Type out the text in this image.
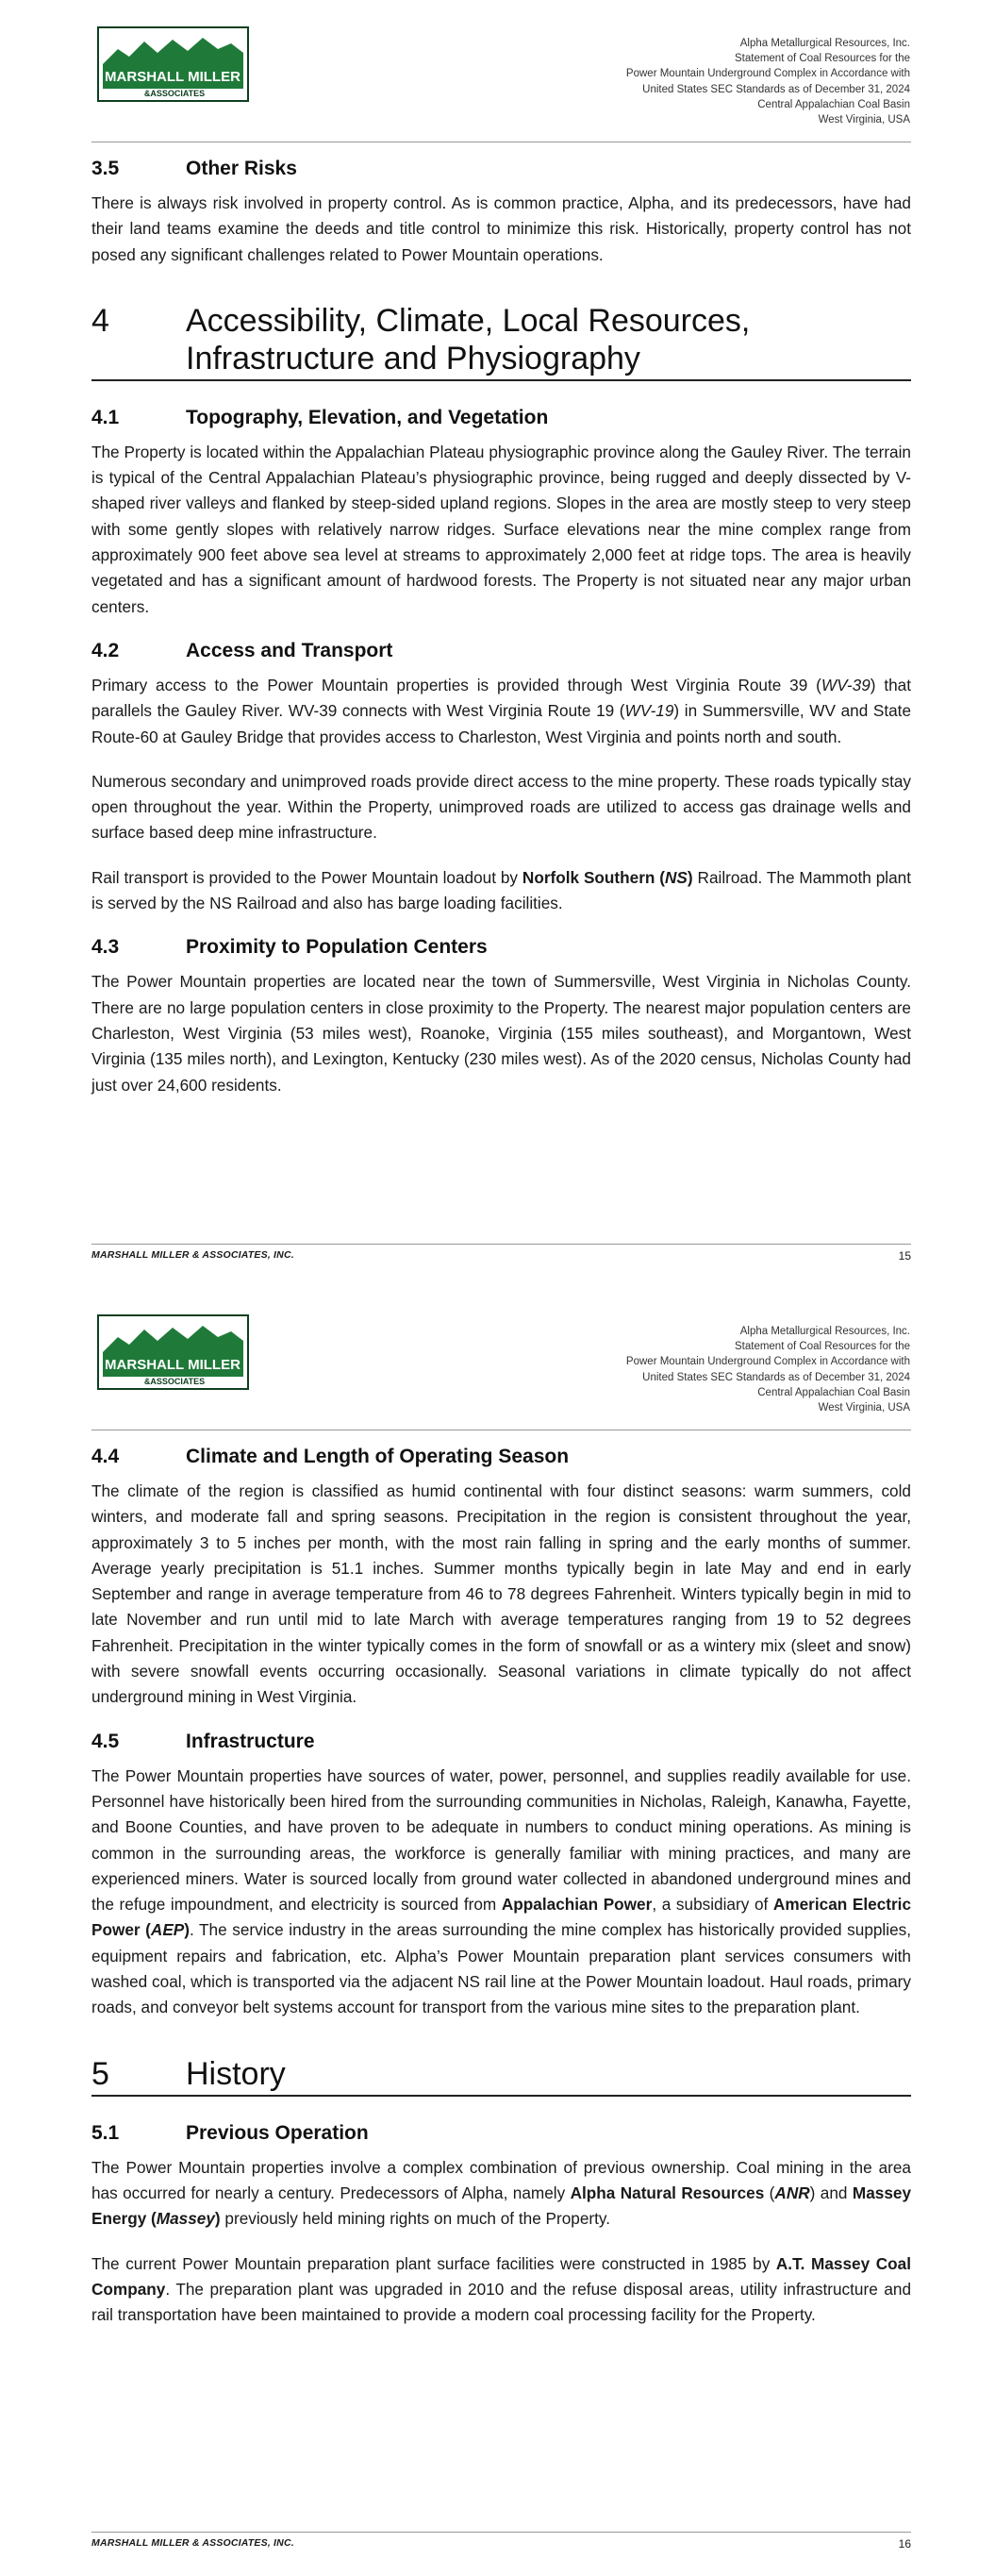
MARSHALL MILLER
&ASSOCIATES
Alpha Metallurgical Resources, Inc.
Statement of Coal Resources for the
Power Mountain Underground Complex in Accordance with
United States SEC Standards as of December 31, 2024
Central Appalachian Coal Basin
West Virginia, USA
3.5	Other Risks

There is always risk involved in property control. As is common practice, Alpha, and its predecessors, have had their land teams examine the deeds and title control to minimize this risk. Historically, property control has not posed any significant challenges related to Power Mountain operations.

4	Accessibility, Climate, Local Resources, Infrastructure and Physiography
4.1	Topography, Elevation, and Vegetation

The Property is located within the Appalachian Plateau physiographic province along the Gauley River. The terrain is typical of the Central Appalachian Plateau’s physiographic province, being rugged and deeply dissected by V-shaped river valleys and flanked by steep-sided upland regions. Slopes in the area are mostly steep to very steep with some gently slopes with relatively narrow ridges. Surface elevations near the mine complex range from approximately 900 feet above sea level at streams to approximately 2,000 feet at ridge tops. The area is heavily vegetated and has a significant amount of hardwood forests. The Property is not situated near any major urban centers.

4.2	Access and Transport

Primary access to the Power Mountain properties is provided through West Virginia Route 39 (WV-39) that parallels the Gauley River. WV-39 connects with West Virginia Route 19 (WV-19) in Summersville, WV and State Route-60 at Gauley Bridge that provides access to Charleston, West Virginia and points north and south.

Numerous secondary and unimproved roads provide direct access to the mine property. These roads typically stay open throughout the year. Within the Property, unimproved roads are utilized to access gas drainage wells and surface based deep mine infrastructure.

Rail transport is provided to the Power Mountain loadout by Norfolk Southern (NS) Railroad. The Mammoth plant is served by the NS Railroad and also has barge loading facilities.

4.3	Proximity to Population Centers

The Power Mountain properties are located near the town of Summersville, West Virginia in Nicholas County. There are no large population centers in close proximity to the Property. The nearest major population centers are Charleston, West Virginia (53 miles west), Roanoke, Virginia (155 miles southeast), and Morgantown, West Virginia (135 miles north), and Lexington, Kentucky (230 miles west). As of the 2020 census, Nicholas County had just over 24,600 residents.

MARSHALL MILLER & ASSOCIATES, INC.	15
MARSHALL MILLER
&ASSOCIATES
Alpha Metallurgical Resources, Inc.
Statement of Coal Resources for the
Power Mountain Underground Complex in Accordance with
United States SEC Standards as of December 31, 2024
Central Appalachian Coal Basin
West Virginia, USA
4.4	Climate and Length of Operating Season

The climate of the region is classified as humid continental with four distinct seasons: warm summers, cold winters, and moderate fall and spring seasons. Precipitation in the region is consistent throughout the year, approximately 3 to 5 inches per month, with the most rain falling in spring and the early months of summer. Average yearly precipitation is 51.1 inches. Summer months typically begin in late May and end in early September and range in average temperature from 46 to 78 degrees Fahrenheit. Winters typically begin in mid to late November and run until mid to late March with average temperatures ranging from 19 to 52 degrees Fahrenheit. Precipitation in the winter typically comes in the form of snowfall or as a wintery mix (sleet and snow) with severe snowfall events occurring occasionally. Seasonal variations in climate typically do not affect underground mining in West Virginia.

4.5	Infrastructure

The Power Mountain properties have sources of water, power, personnel, and supplies readily available for use. Personnel have historically been hired from the surrounding communities in Nicholas, Raleigh, Kanawha, Fayette, and Boone Counties, and have proven to be adequate in numbers to conduct mining operations. As mining is common in the surrounding areas, the workforce is generally familiar with mining practices, and many are experienced miners. Water is sourced locally from ground water collected in abandoned underground mines and the refuge impoundment, and electricity is sourced from Appalachian Power, a subsidiary of American Electric Power (AEP). The service industry in the areas surrounding the mine complex has historically provided supplies, equipment repairs and fabrication, etc. Alpha’s Power Mountain preparation plant services consumers with washed coal, which is transported via the adjacent NS rail line at the Power Mountain loadout. Haul roads, primary roads, and conveyor belt systems account for transport from the various mine sites to the preparation plant.

5	History
5.1	Previous Operation

The Power Mountain properties involve a complex combination of previous ownership. Coal mining in the area has occurred for nearly a century. Predecessors of Alpha, namely Alpha Natural Resources (ANR) and Massey Energy (Massey) previously held mining rights on much of the Property.

The current Power Mountain preparation plant surface facilities were constructed in 1985 by A.T. Massey Coal Company. The preparation plant was upgraded in 2010 and the refuse disposal areas, utility infrastructure and rail transportation have been maintained to provide a modern coal processing facility for the Property.

MARSHALL MILLER & ASSOCIATES, INC.	16
